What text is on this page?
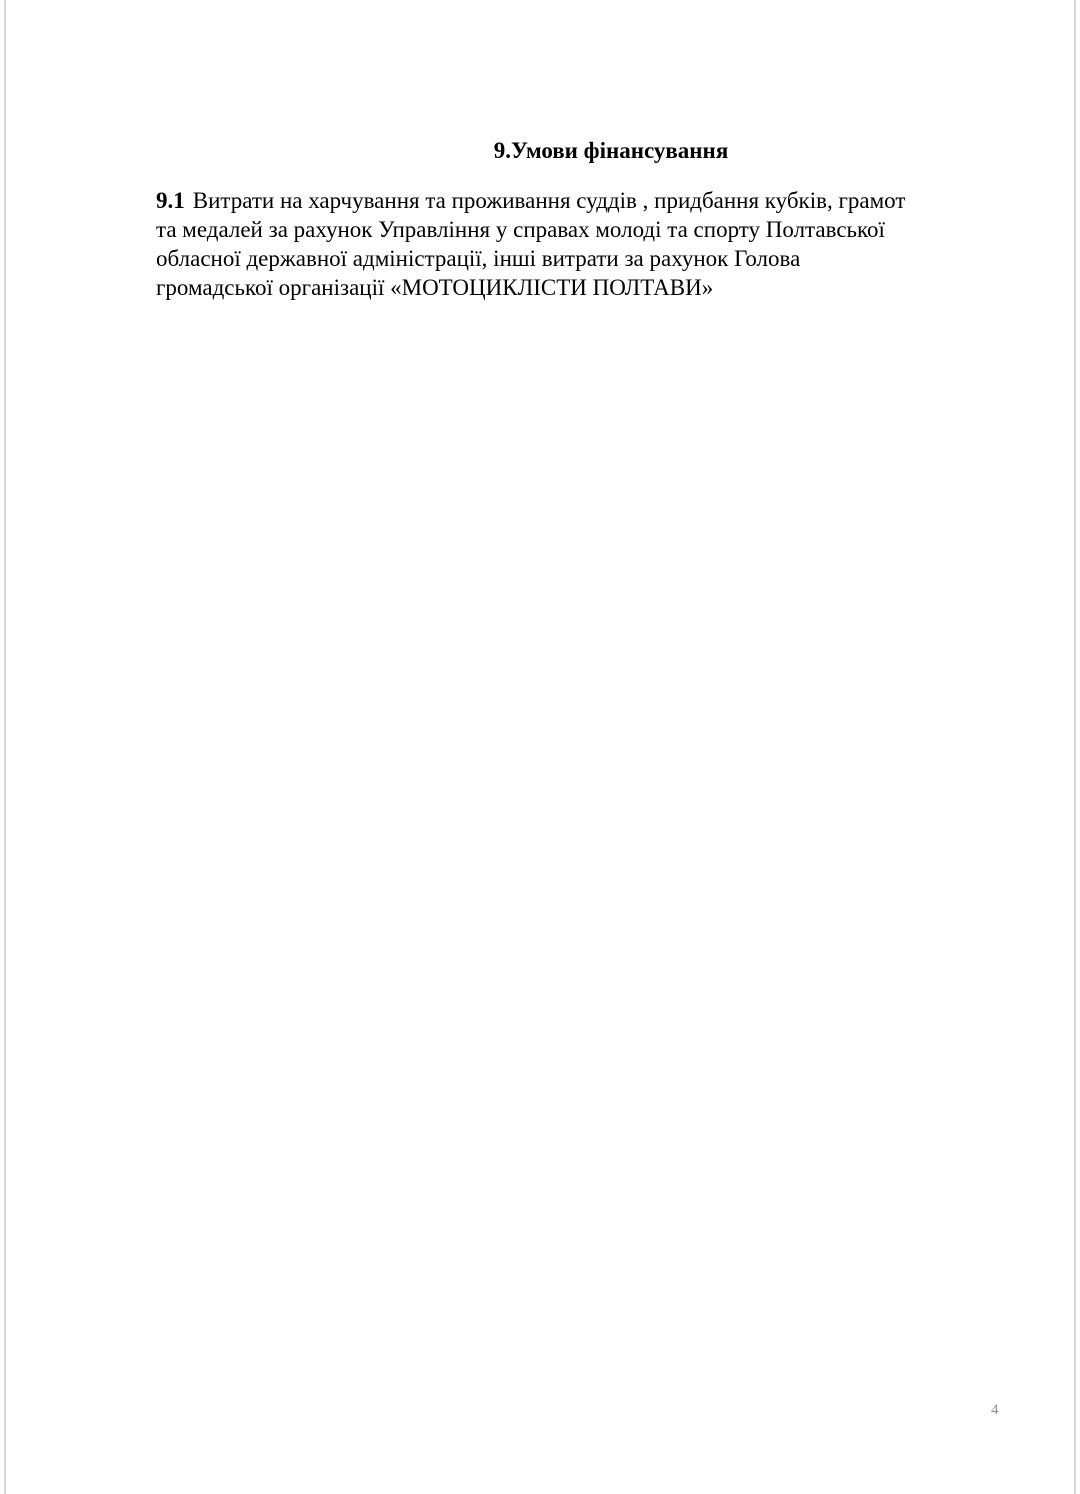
9.Умови фінансування
9.1 Витрати на харчування та проживання суддів , придбання кубків, грамот
та медалей за рахунок Управління у справах молоді та спорту Полтавської
обласної державної адміністрації, інші витрати за рахунок Голова
громадської організації «МОТОЦИКЛІСТИ ПОЛТАВИ»
4
